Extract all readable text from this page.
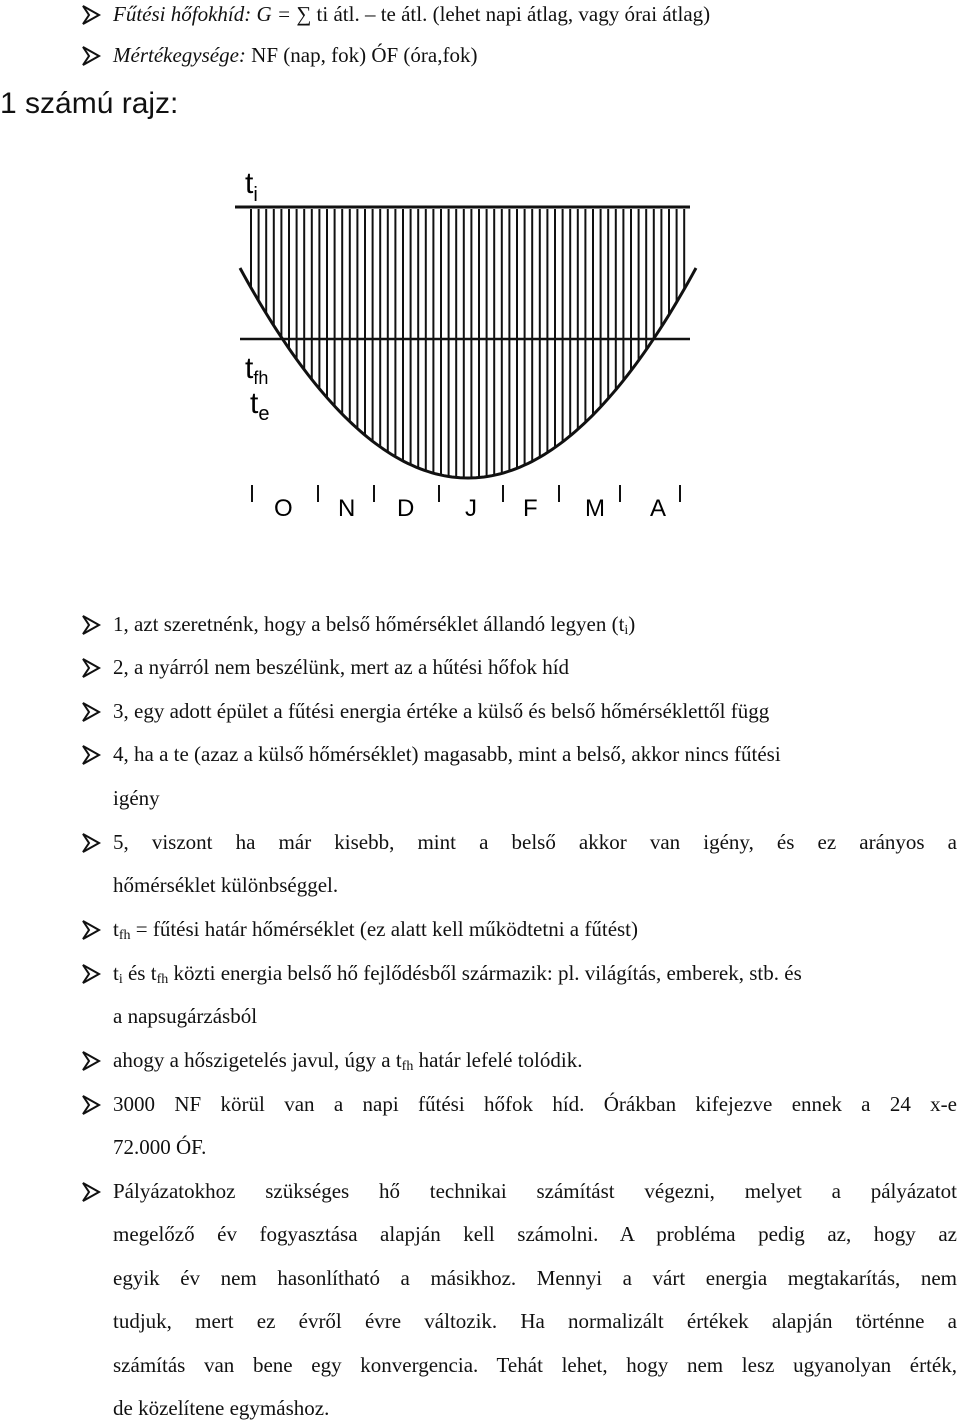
Fűtési hőfokhíd: G = ∑ ti átl. – te átl. (lehet napi átlag, vagy órai átlag)
Mértékegysége: NF (nap, fok) ÓF (óra,fok)
1 számú rajz:
$t_i$
$t_{fh}$
$t_e$
O N D J F M A
1, azt szeretnénk, hogy a belső hőmérséklet állandó legyen $(t_i)$
2, a nyárról nem beszélünk, mert az a hűtési hőfok híd
3, egy adott épület a fűtési energia értéke a külső és belső hőmérséklettől függ
4, ha a te (azaz a külső hőmérséklet) magasabb, mint a belső, akkor nincs fűtési
igény
5, viszont ha már kisebb, mint a belső akkor van igény, és ez arányos a
hőmérséklet különbséggel.
$t_{fh}$ = fűtési határ hőmérséklet (ez alatt kell működtetni a fűtést)
$t_i$ és $t_{fh}$ közti energia belső hő fejlődésből származik: pl. világítás, emberek, stb. és
a napsugárzásból
ahogy a hőszigetelés javul, úgy a $t_{fh}$ határ lefelé tolódik.
3000 NF körül van a napi fűtési hőfok híd. Órákban kifejezve ennek a 24 x-e
72.000 ÓF.
Pályázatokhoz szükséges hő technikai számítást végezni, melyet a pályázatot
megelőző év fogyasztása alapján kell számolni. A probléma pedig az, hogy az
egyik év nem hasonlítható a másikhoz. Mennyi a várt energia megtakarítás, nem
tudjuk, mert ez évről évre változik. Ha normalizált értékek alapján történne a
számítás van bene egy konvergencia. Tehát lehet, hogy nem lesz ugyanolyan érték,
de közelítene egymáshoz.
